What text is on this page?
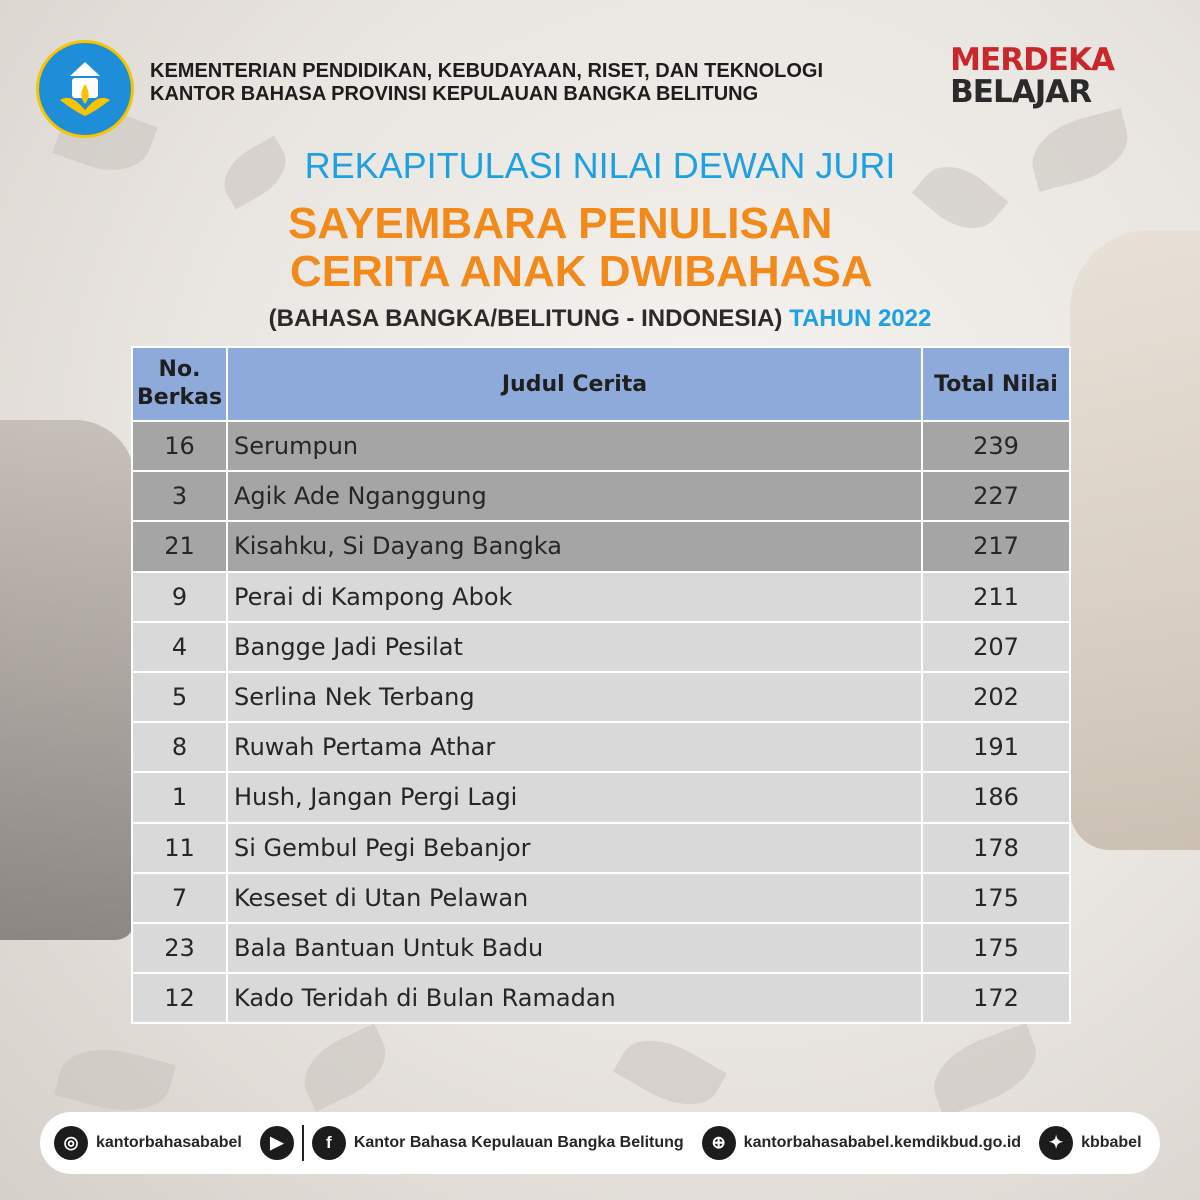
KEMENTERIAN PENDIDIKAN, KEBUDAYAAN, RISET, DAN TEKNOLOGI
KANTOR BAHASA PROVINSI KEPULAUAN BANGKA BELITUNG
MERDEKA
BELAJAR
REKAPITULASI NILAI DEWAN JURI
SAYEMBARA PENULISAN
CERITA ANAK DWIBAHASA
(BAHASA BANGKA/BELITUNG - INDONESIA) TAHUN 2022
No.
Berkas	Judul Cerita	Total Nilai
16	Serumpun	239
3	Agik Ade Nganggung	227
21	Kisahku, Si Dayang Bangka	217
9	Perai di Kampong Abok	211
4	Bangge Jadi Pesilat	207
5	Serlina Nek Terbang	202
8	Ruwah Pertama Athar	191
1	Hush, Jangan Pergi Lagi	186
11	Si Gembul Pegi Bebanjor	178
7	Keseset di Utan Pelawan	175
23	Bala Bantuan Untuk Badu	175
12	Kado Teridah di Bulan Ramadan	172
◎	kantorbahasababel	▶	f	Kantor Bahasa Kepulauan Bangka Belitung	⊕	kantorbahasababel.kemdikbud.go.id	✦	kbbabel
